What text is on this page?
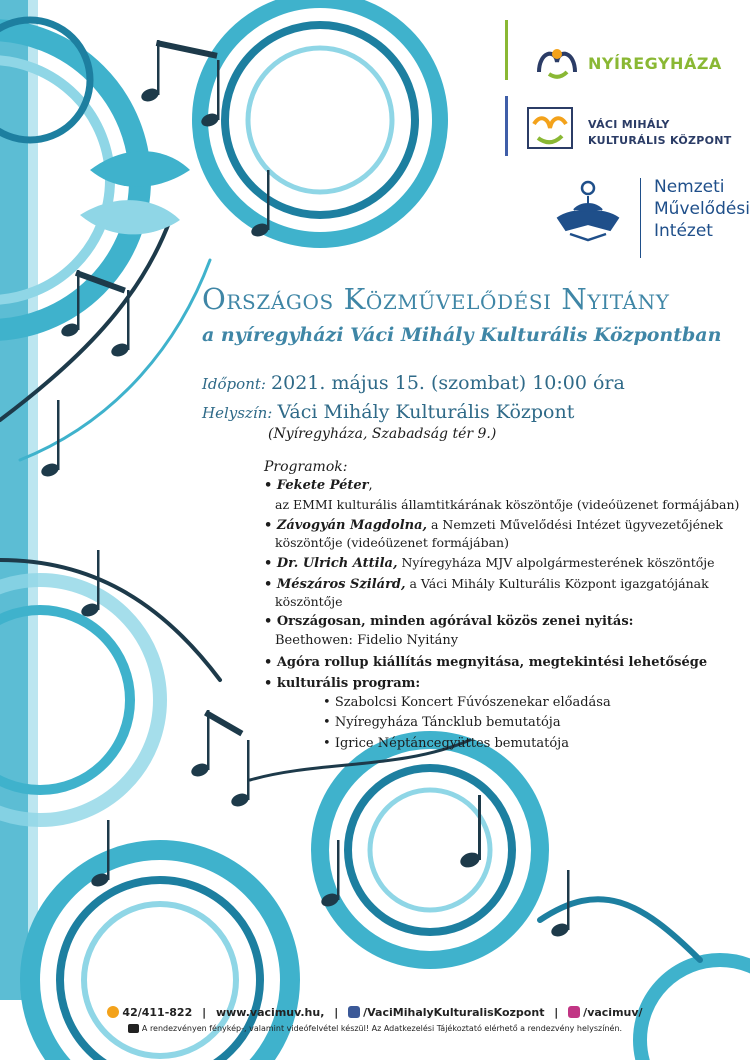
NYÍREGYHÁZA
VÁCI MIHÁLY
KULTURÁLIS KÖZPONT
Nemzeti
Művelődési
Intézet
Országos Közművelődési Nyitány
a nyíregyházi Váci Mihály Kulturális Központban
Időpont: 2021. május 15. (szombat) 10:00 óra
Helyszín: Váci Mihály Kulturális Központ
(Nyíregyháza, Szabadság tér 9.)
Programok:
• Fekete Péter,
az EMMI kulturális államtitkárának köszöntője (videóüzenet formájában)
• Závogyán Magdolna, a Nemzeti Művelődési Intézet ügyvezetőjének
köszöntője (videóüzenet formájában)
• Dr. Ulrich Attila, Nyíregyháza MJV alpolgármesterének köszöntője
• Mészáros Szilárd, a Váci Mihály Kulturális Központ igazgatójának
köszöntője
• Országosan, minden agórával közös zenei nyitás:
Beethowen: Fidelio Nyitány
• Agóra rollup kiállítás megnyitása, megtekintési lehetősége
• kulturális program:
• Szabolcsi Koncert Fúvószenekar előadása
• Nyíregyháza Táncklub bemutatója
• Igrice Néptáncegyüttes bemutatója
42/411-822 | www.vacimuv.hu, | /VaciMihalyKulturalisKozpont | /vacimuv/
A rendezvényen fénykép-, valamint videófelvétel készül! Az Adatkezelési Tájékoztató elérhető a rendezvény helyszínén.
